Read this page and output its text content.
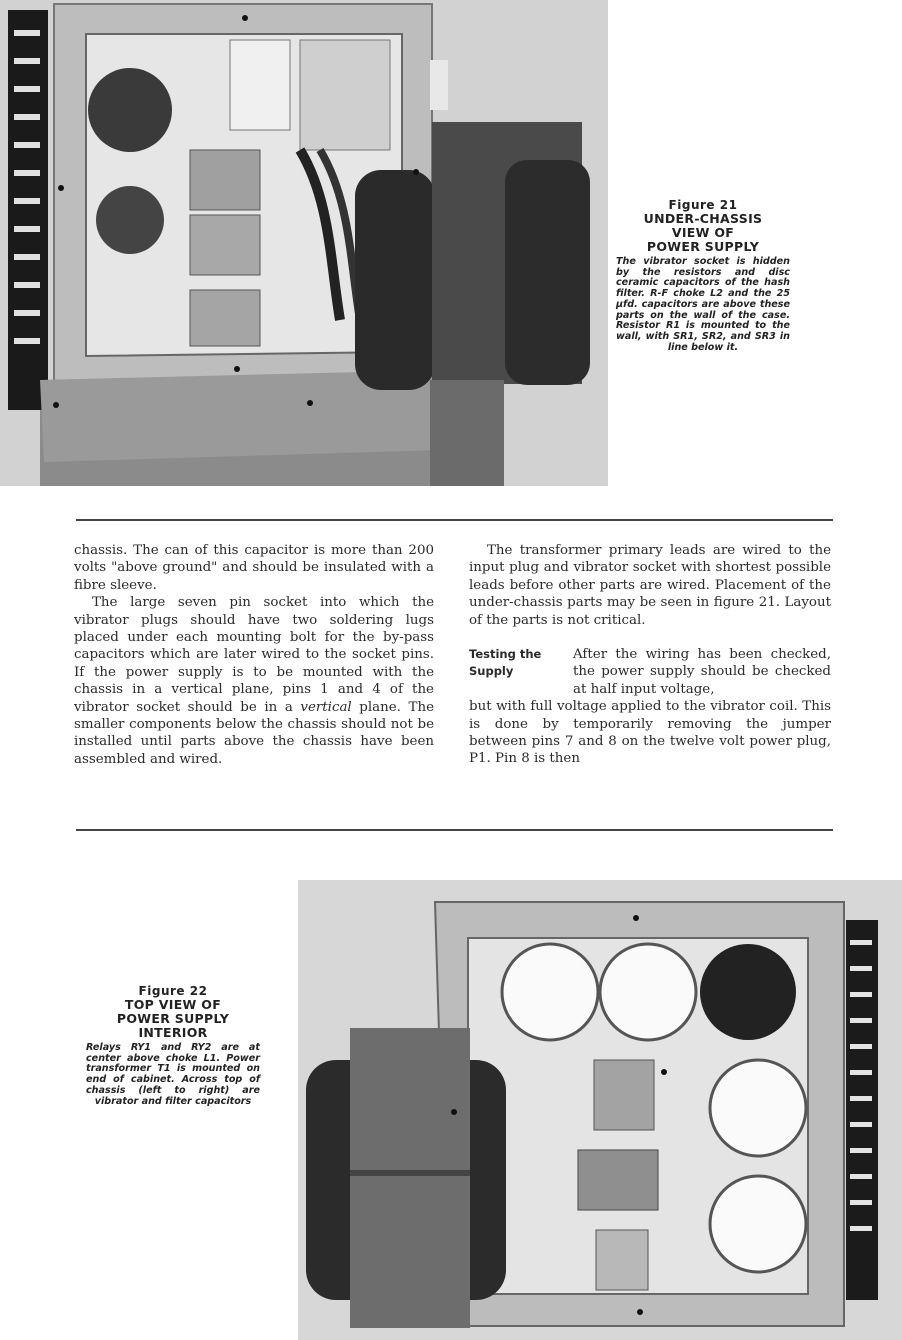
Figure 21
UNDER-CHASSIS
VIEW OF
POWER SUPPLY
The vibrator socket is hidden by the resistors and disc ceramic capacitors of the hash filter. R-F choke L2 and the 25 µfd. capacitors are above these parts on the wall of the case. Resistor R1 is mounted to the wall, with SR1, SR2, and SR3 in line below it.

chassis. The can of this capacitor is more than 200 volts "above ground" and should be insulated with a fibre sleeve.

The large seven pin socket into which the vibrator plugs should have two soldering lugs placed under each mounting bolt for the by-pass capacitors which are later wired to the socket pins. If the power supply is to be mounted with the chassis in a vertical plane, pins 1 and 4 of the vibrator socket should be in a vertical plane. The smaller components below the chassis should not be installed until parts above the chassis have been assembled and wired.

The transformer primary leads are wired to the input plug and vibrator socket with shortest possible leads before other parts are wired. Placement of the under-chassis parts may be seen in figure 21. Layout of the parts is not critical.

Testing the
Supply

After the wiring has been checked, the power supply should be checked at half input voltage,

but with full voltage applied to the vibrator coil. This is done by temporarily removing the jumper between pins 7 and 8 on the twelve volt power plug, P1. Pin 8 is then

Figure 22
TOP VIEW OF
POWER SUPPLY
INTERIOR
Relays RY1 and RY2 are at center above choke L1. Power transformer T1 is mounted on end of cabinet. Across top of chassis (left to right) are vibrator and filter capacitors
